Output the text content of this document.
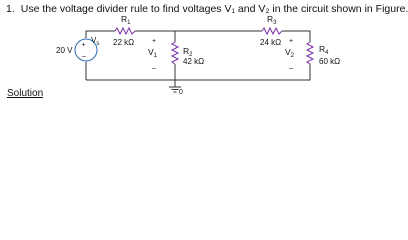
1. Use the voltage divider rule to find voltages V₁ and V₂ in the circuit shown in Figure.
+
–
20 V
$V_s$
$R_1$
22 kΩ
$R_3$
24 kΩ
$R_2$
42 kΩ
$R_4$
60 kΩ
+
$V_1$
–
+
$V_2$
–
0
Solution
